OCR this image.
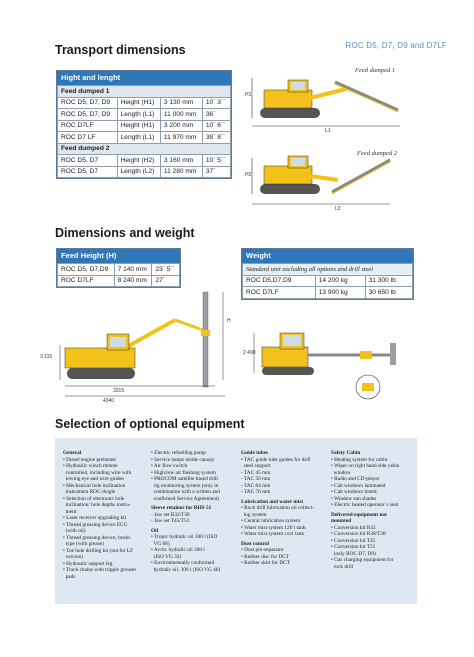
ROC D5, D7, D9 and D7LF
Transport dimensions
Hight and lenght
Feed dumped 1			
ROC D5, D7, D9	Height (H1)	3 130 mm	10´ 3´´
ROC D5, D7, D9	Length (L1)	11 000 mm	36´
ROC D7LF	Height (H1)	3 200 mm	10´ 6´´
ROC D7 LF	Length (L1)	11 970 mm	38´ 8´´
Feed dumped 2			
ROC D5, D7	Height (H2)	3 160 mm	10´ 5´´
ROC D5, D7	Length (L2)	11 280 mm	37´
Feed dumped 1
H1
L1
Feed dumped 2
H2
L2
Dimensions and weight
Feed Height (H)
ROC D5, D7,D9	7 140 mm	23´ 5´´
ROC D7LF	8 240 mm	27´
Weight
Standard unit excluding all options and drill steel		
ROC D5,D7,D9	14 200 kg	31 300 lb
ROC D7LF	13 900 kg	30 650 lb
3 115
3315
4340
H
2 490
Selection of optional equipment
General
• Diesel engine preheater
• Hydraulic winch remote
controlled, including wire with
towing eye and wire guides
• Mechanical hole inclination
instrument ROC-Angle
• Selection of electronic hole
inclination/ hole depths instru-
ment
• Laser receiver upgrading kit
• Thread greasing device ECG
(with oil)
• Thread greasing device, brush
type (with grease)
• Toe hole drilling kit (not for LF
version)
• Hydraulic support leg
• Track chains with tripple grouser
pads
• Electric refuelling pump
• Service lamps inside canopy
• Air flow switch
• High/low air flushing system
• PROCOM satellite based drill
rig monitoring system (only in
combination with a written and
confirmed Service Agreement)
Sleeve retainer for RHS 51
- Jaw set R32/T38
- Jaw set T45/T51
Oil
• Tropic hydralic oil 300 l (ISO
VG 68)
• Arctic hydralic oil 300 l
(ISO VG 32)
• Environmentally conformed
hydralic oil, 300 l (ISO VG 46)
Guide tubes
• TAC guide tube guides for drill
steel support
- TAC 45 mm
- TAC 56 mm
- TAC 64 mm
- TAC 76 mm
Lubrication and water mist
• Rock drill lubrication oil collect-
ing system
• Central lubrication system
• Water mist system 120 l tank
• Water mist system cxxl tank
Dust control
• Dust pre-separator
• Rubber disc for DCT
• Rubber skirt for DCT
Safety Cabin
• Heating system for cabin
• Wiper on right hand side cabin
window
• Radio and CD-player
• Cab windows laminated
• Cab windows tinted
• Window sun shades
• Electric heated operator´s seat
Delivered equipment not
mounted
• Conversion kit R32
• Conversion kit R38/T38
• Conversion kit T45
• Conversion kit T51
(only ROC D7, D9)
• Gas charging equipment for
rock drill
